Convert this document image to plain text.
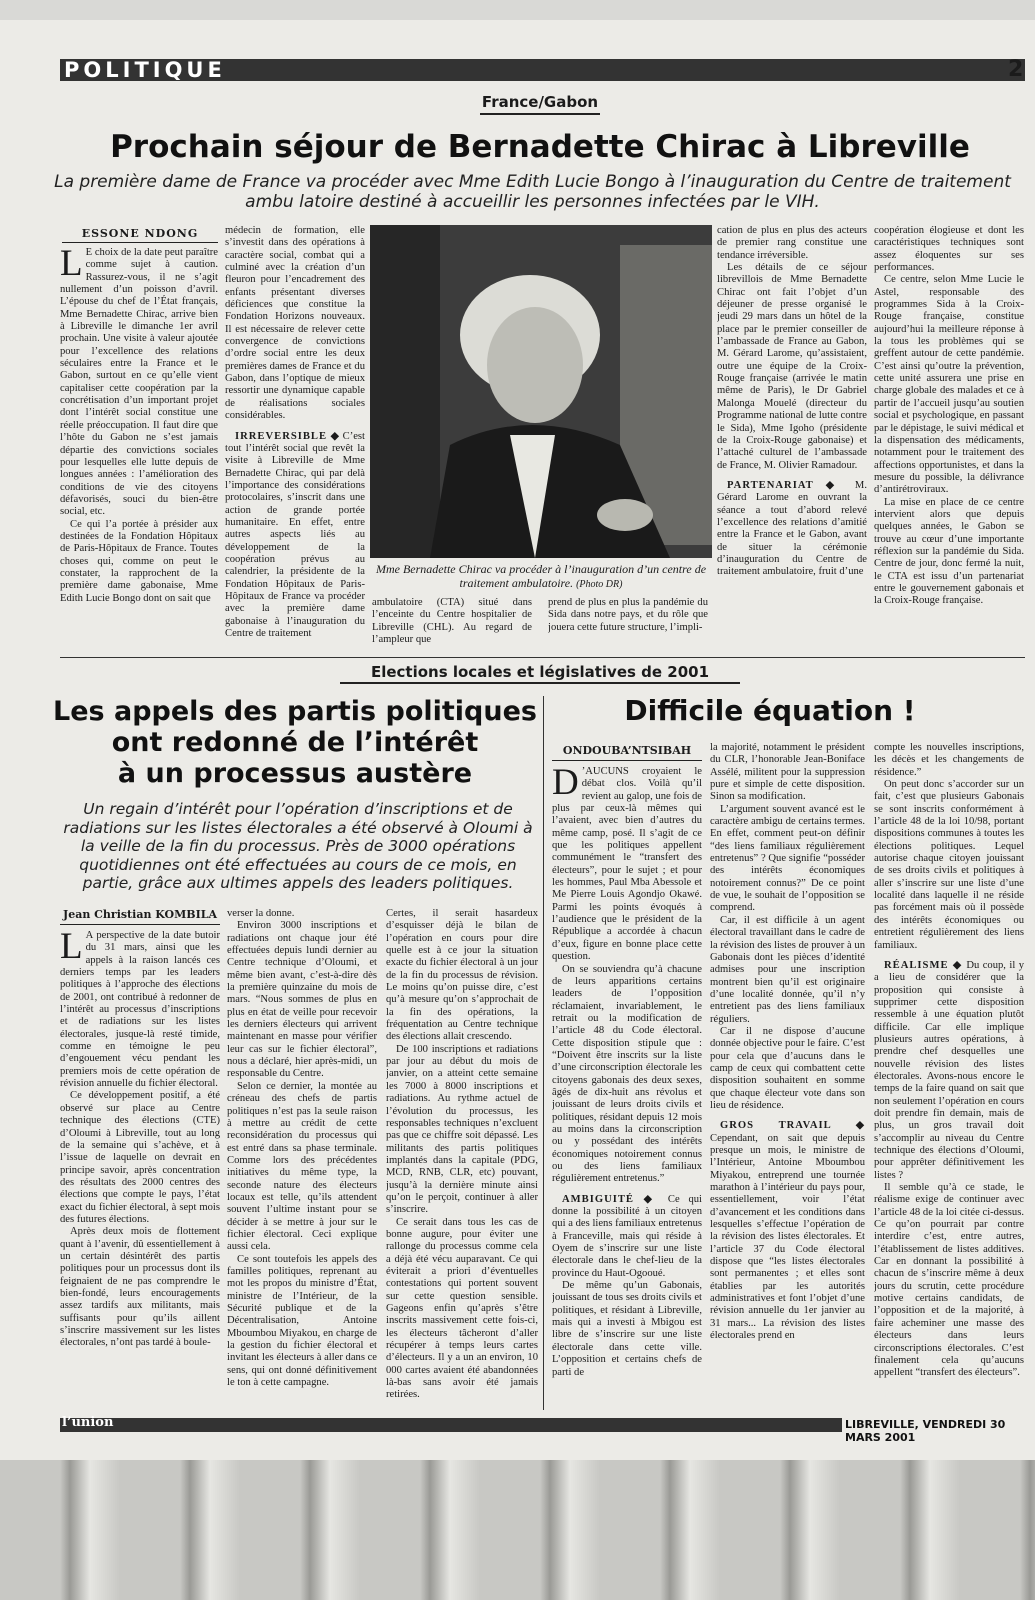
POLITIQUE	2
France/Gabon
Prochain séjour de Bernadette Chirac à Libreville
La première dame de France va procéder avec Mme Edith Lucie Bongo à l’inauguration du Centre de traitement ambu latoire destiné à accueillir les personnes infectées par le VIH.
ESSONE NDONG

L E choix de la date peut paraître comme sujet à caution. Rassurez-vous, il ne s’agit nullement d’un poisson d’avril. L’épouse du chef de l’État français, Mme Bernadette Chirac, arrive bien à Libreville le dimanche 1er avril prochain. Une visite à valeur ajoutée pour l’excellence des relations séculaires entre la France et le Gabon, surtout en ce qu’elle vient capitaliser cette coopération par la concrétisation d’un important projet dont l’intérêt social constitue une réelle préoccupation. Il faut dire que l’hôte du Gabon ne s’est jamais départie des convictions sociales pour lesquelles elle lutte depuis de longues années : l’amélioration des conditions de vie des citoyens défavorisés, souci du bien-être social, etc.

Ce qui l’a portée à présider aux destinées de la Fondation Hôpitaux de Paris-Hôpitaux de France. Toutes choses qui, comme on peut le constater, la rapprochent de la première dame gabonaise, Mme Edith Lucie Bongo dont on sait que

médecin de formation, elle s’investit dans des opérations à caractère social, combat qui a culminé avec la création d’un fleuron pour l’encadrement des enfants présentant diverses déficiences que constitue la Fondation Horizons nouveaux. Il est nécessaire de relever cette convergence de convictions d’ordre social entre les deux premières dames de France et du Gabon, dans l’optique de mieux ressortir une dynamique capable de réalisations sociales considérables.

IRREVERSIBLE ◆ C’est tout l’intérêt social que revêt la visite à Libreville de Mme Bernadette Chirac, qui par delà l’importance des considérations protocolaires, s’inscrit dans une action de grande portée humanitaire. En effet, entre autres aspects liés au développement de la coopération prévus au calendrier, la présidente de la Fondation Hôpitaux de Paris-Hôpitaux de France va procéder avec la première dame gabonaise à l’inauguration du Centre de traitement

Mme Bernadette Chirac va procéder à l’inauguration d’un centre de traitement ambulatoire. (Photo DR)

ambulatoire (CTA) situé dans l’enceinte du Centre hospitalier de Libreville (CHL). Au regard de l’ampleur que

prend de plus en plus la pandémie du Sida dans notre pays, et du rôle que jouera cette future structure, l’impli-

cation de plus en plus des acteurs de premier rang constitue une tendance irréversible.

Les détails de ce séjour librevillois de Mme Bernadette Chirac ont fait l’objet d’un déjeuner de presse organisé le jeudi 29 mars dans un hôtel de la place par le premier conseiller de l’ambassade de France au Gabon, M. Gérard Larome, qu’assistaient, outre une équipe de la Croix-Rouge française (arrivée le matin même de Paris), le Dr Gabriel Malonga Mouelé (directeur du Programme national de lutte contre le Sida), Mme Igoho (présidente de la Croix-Rouge gabonaise) et l’attaché culturel de l’ambassade de France, M. Olivier Ramadour.

PARTENARIAT ◆ M. Gérard Larome en ouvrant la séance a tout d’abord relevé l’excellence des relations d’amitié entre la France et le Gabon, avant de situer la cérémonie d’inauguration du Centre de traitement ambulatoire, fruit d’une

coopération élogieuse et dont les caractéristiques techniques sont assez éloquentes sur ses performances.

Ce centre, selon Mme Lucie le Astel, responsable des programmes Sida à la Croix-Rouge française, constitue aujourd’hui la meilleure réponse à la tous les problèmes qui se greffent autour de cette pandémie. C’est ainsi qu’outre la prévention, cette unité assurera une prise en charge globale des malades et ce à partir de l’accueil jusqu’au soutien social et psychologique, en passant par le dépistage, le suivi médical et la dispensation des médicaments, notamment pour le traitement des affections opportunistes, et dans la mesure du possible, la délivrance d’antirétroviraux.

La mise en place de ce centre intervient alors que depuis quelques années, le Gabon se trouve au cœur d’une importante réflexion sur la pandémie du Sida. Centre de jour, donc fermé la nuit, le CTA est issu d’un partenariat entre le gouvernement gabonais et la Croix-Rouge française.

Elections locales et législatives de 2001
Les appels des partis politiques
ont redonné de l’intérêt
à un processus austère
Un regain d’intérêt pour l’opération d’inscriptions et de radiations sur les listes électorales a été observé à Oloumi à la veille de la fin du processus. Près de 3000 opérations quotidiennes ont été effectuées au cours de ce mois, en partie, grâce aux ultimes appels des leaders politiques.
Jean Christian KOMBILA

L A perspective de la date butoir du 31 mars, ainsi que les appels à la raison lancés ces derniers temps par les leaders politiques à l’approche des élections de 2001, ont contribué à redonner de l’intérêt au processus d’inscriptions et de radiations sur les listes électorales, jusque-là resté timide, comme en témoigne le peu d’engouement vécu pendant les premiers mois de cette opération de révision annuelle du fichier électoral.

Ce développement positif, a été observé sur place au Centre technique des élections (CTE) d’Oloumi à Libreville, tout au long de la semaine qui s’achève, et à l’issue de laquelle on devrait en principe savoir, après concentration des résultats des 2000 centres des élections que compte le pays, l’état exact du fichier électoral, à sept mois des futures élections.

Après deux mois de flottement quant à l’avenir, dû essentiellement à un certain désintérêt des partis politiques pour un processus dont ils feignaient de ne pas comprendre le bien-fondé, leurs encouragements assez tardifs aux militants, mais suffisants pour qu’ils aillent s’inscrire massivement sur les listes électorales, n’ont pas tardé à boule-

verser la donne.

Environ 3000 inscriptions et radiations ont chaque jour été effectuées depuis lundi dernier au Centre technique d’Oloumi, et même bien avant, c’est-à-dire dès la première quinzaine du mois de mars. “Nous sommes de plus en plus en état de veille pour recevoir les derniers électeurs qui arrivent maintenant en masse pour vérifier leur cas sur le fichier électoral”, nous a déclaré, hier après-midi, un responsable du Centre.

Selon ce dernier, la montée au créneau des chefs de partis politiques n’est pas la seule raison à mettre au crédit de cette reconsidération du processus qui est entré dans sa phase terminale. Comme lors des précédentes initiatives du même type, la seconde nature des électeurs locaux est telle, qu’ils attendent souvent l’ultime instant pour se décider à se mettre à jour sur le fichier électoral. Ceci explique aussi cela.

Ce sont toutefois les appels des familles politiques, reprenant au mot les propos du ministre d’État, ministre de l’Intérieur, de la Sécurité publique et de la Décentralisation, Antoine Mboumbou Miyakou, en charge de la gestion du fichier électoral et invitant les électeurs à aller dans ce sens, qui ont donné définitivement le ton à cette campagne.

Certes, il serait hasardeux d’esquisser déjà le bilan de l’opération en cours pour dire quelle est à ce jour la situation exacte du fichier électoral à un jour de la fin du processus de révision. Le moins qu’on puisse dire, c’est qu’à mesure qu’on s’approchait de la fin des opérations, la fréquentation au Centre technique des élections allait crescendo.

De 100 inscriptions et radiations par jour au début du mois de janvier, on a atteint cette semaine les 7000 à 8000 inscriptions et radiations. Au rythme actuel de l’évolution du processus, les responsables techniques n’excluent pas que ce chiffre soit dépassé. Les militants des partis politiques implantés dans la capitale (PDG, MCD, RNB, CLR, etc) pouvant, jusqu’à la dernière minute ainsi qu’on le perçoit, continuer à aller s’inscrire.

Ce serait dans tous les cas de bonne augure, pour éviter une rallonge du processus comme cela a déjà été vécu auparavant. Ce qui éviterait a priori d’éventuelles contestations qui portent souvent sur cette question sensible. Gageons enfin qu’après s’être inscrits massivement cette fois-ci, les électeurs tâcheront d’aller récupérer à temps leurs cartes d’électeurs. Il y a un an environ, 10 000 cartes avaient été abandonnées là-bas sans avoir été jamais retirées.

Difficile équation !
ONDOUBA’NTSIBAH

D ’AUCUNS croyaient le débat clos. Voilà qu’il revient au galop, une fois de plus par ceux-là mêmes qui l’avaient, avec bien d’autres du même camp, posé. Il s’agit de ce que les politiques appellent communément le “transfert des électeurs”, pour le sujet ; et pour les hommes, Paul Mba Abessole et Me Pierre Louis Agondjo Okawé. Parmi les points évoqués à l’audience que le président de la République a accordée à chacun d’eux, figure en bonne place cette question.

On se souviendra qu’à chacune de leurs apparitions certains leaders de l’opposition réclamaient, invariablement, le retrait ou la modification de l’article 48 du Code électoral. Cette disposition stipule que : “Doivent être inscrits sur la liste d’une circonscription électorale les citoyens gabonais des deux sexes, âgés de dix-huit ans révolus et jouissant de leurs droits civils et politiques, résidant depuis 12 mois au moins dans la circonscription ou y possédant des intérêts économiques notoirement connus ou des liens familiaux régulièrement entretenus.”

AMBIGUITÉ ◆ Ce qui donne la possibilité à un citoyen qui a des liens familiaux entretenus à Franceville, mais qui réside à Oyem de s’inscrire sur une liste électorale dans le chef-lieu de la province du Haut-Ogooué.

De même qu’un Gabonais, jouissant de tous ses droits civils et politiques, et résidant à Libreville, mais qui a investi à Mbigou est libre de s’inscrire sur une liste électorale dans cette ville. L’opposition et certains chefs de parti de

la majorité, notamment le président du CLR, l’honorable Jean-Boniface Assélé, militent pour la suppression pure et simple de cette disposition. Sinon sa modification.

L’argument souvent avancé est le caractère ambigu de certains termes. En effet, comment peut-on définir “des liens familiaux régulièrement entretenus” ? Que signifie “posséder des intérêts économiques notoirement connus?” De ce point de vue, le souhait de l’opposition se comprend.

Car, il est difficile à un agent électoral travaillant dans le cadre de la révision des listes de prouver à un Gabonais dont les pièces d’identité admises pour une inscription montrent bien qu’il est originaire d’une localité donnée, qu’il n’y entretient pas des liens familiaux réguliers.

Car il ne dispose d’aucune donnée objective pour le faire. C’est pour cela que d’aucuns dans le camp de ceux qui combattent cette disposition souhaitent en somme que chaque électeur vote dans son lieu de résidence.

GROS TRAVAIL ◆ Cependant, on sait que depuis presque un mois, le ministre de l’Intérieur, Antoine Mboumbou Miyakou, entreprend une tournée marathon à l’intérieur du pays pour, essentiellement, voir l’état d’avancement et les conditions dans lesquelles s’effectue l’opération de la révision des listes électorales. Et l’article 37 du Code électoral dispose que “les listes électorales sont permanentes ; et elles sont établies par les autorités administratives et font l’objet d’une révision annuelle du 1er janvier au 31 mars... La révision des listes électorales prend en

compte les nouvelles inscriptions, les décès et les changements de résidence.”

On peut donc s’accorder sur un fait, c’est que plusieurs Gabonais se sont inscrits conformément à l’article 48 de la loi 10/98, portant dispositions communes à toutes les élections politiques. Lequel autorise chaque citoyen jouissant de ses droits civils et politiques à aller s’inscrire sur une liste d’une localité dans laquelle il ne réside pas forcément mais où il possède des intérêts économiques ou entretient régulièrement des liens familiaux.

RÉALISME ◆ Du coup, il y a lieu de considérer que la proposition qui consiste à supprimer cette disposition ressemble à une équation plutôt difficile. Car elle implique plusieurs autres opérations, à prendre chef desquelles une nouvelle révision des listes électorales. Avons-nous encore le temps de la faire quand on sait que non seulement l’opération en cours doit prendre fin demain, mais de plus, un gros travail doit s’accomplir au niveau du Centre technique des élections d’Oloumi, pour apprêter définitivement les listes ?

Il semble qu’à ce stade, le réalisme exige de continuer avec l’article 48 de la loi citée ci-dessus. Ce qu’on pourrait par contre interdire c’est, entre autres, l’établissement de listes additives. Car en donnant la possibilité à chacun de s’inscrire même à deux jours du scrutin, cette procédure motive certains candidats, de l’opposition et de la majorité, à faire acheminer une masse des électeurs dans leurs circonscriptions électorales. C’est finalement cela qu’aucuns appellent “transfert des électeurs”.

l’union	LIBREVILLE, VENDREDI 30 MARS 2001
